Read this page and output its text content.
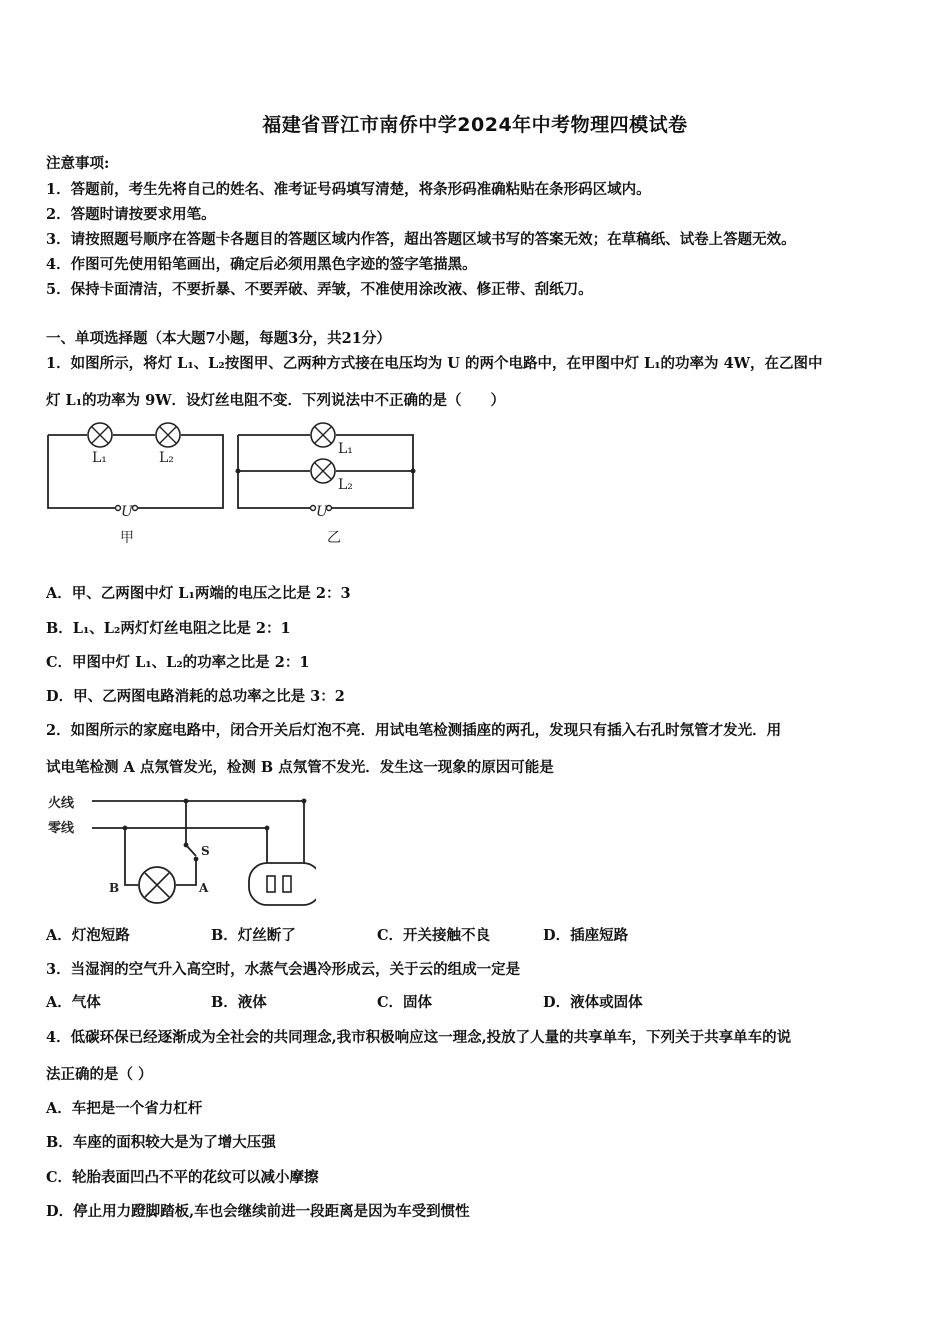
福建省晋江市南侨中学2024年中考物理四模试卷
注意事项:
1．答题前，考生先将自己的姓名、准考证号码填写清楚，将条形码准确粘贴在条形码区域内。
2．答题时请按要求用笔。
3．请按照题号顺序在答题卡各题目的答题区域内作答，超出答题区域书写的答案无效；在草稿纸、试卷上答题无效。
4．作图可先使用铅笔画出，确定后必须用黑色字迹的签字笔描黑。
5．保持卡面清洁，不要折暴、不要弄破、弄皱，不准使用涂改液、修正带、刮纸刀。
一、单项选择题（本大题7小题，每题3分，共21分）
1．如图所示，将灯 L₁、L₂按图甲、乙两种方式接在电压均为 U 的两个电路中，在甲图中灯 L₁的功率为 4W，在乙图中
灯 L₁的功率为 9W．设灯丝电阻不变．下列说法中不正确的是（　　）
L₁	L₂
U
甲
L₁
L₂
U
乙
A．甲、乙两图中灯 L₁两端的电压之比是 2：3
B．L₁、L₂两灯灯丝电阻之比是 2：1
C．甲图中灯 L₁、L₂的功率之比是 2：1
D．甲、乙两图电路消耗的总功率之比是 3：2
2．如图所示的家庭电路中，闭合开关后灯泡不亮．用试电笔检测插座的两孔，发现只有插入右孔时氖管才发光．用
试电笔检测 A 点氖管发光，检测 B 点氖管不发光．发生这一现象的原因可能是
火线
零线
S
A
B
A．灯泡短路	B．灯丝断了	C．开关接触不良	D．插座短路
3．当湿润的空气升入高空时，水蒸气会遇冷形成云，关于云的组成一定是
A．气体	B．液体	C．固体	D．液体或固体
4．低碳环保已经逐渐成为全社会的共同理念,我市积极响应这一理念,投放了人量的共享单车，下列关于共享单车的说
法正确的是（ ）
A．车把是一个省力杠杆
B．车座的面积较大是为了增大压强
C．轮胎表面凹凸不平的花纹可以减小摩擦
D．停止用力蹬脚踏板,车也会继续前进一段距离是因为车受到惯性
